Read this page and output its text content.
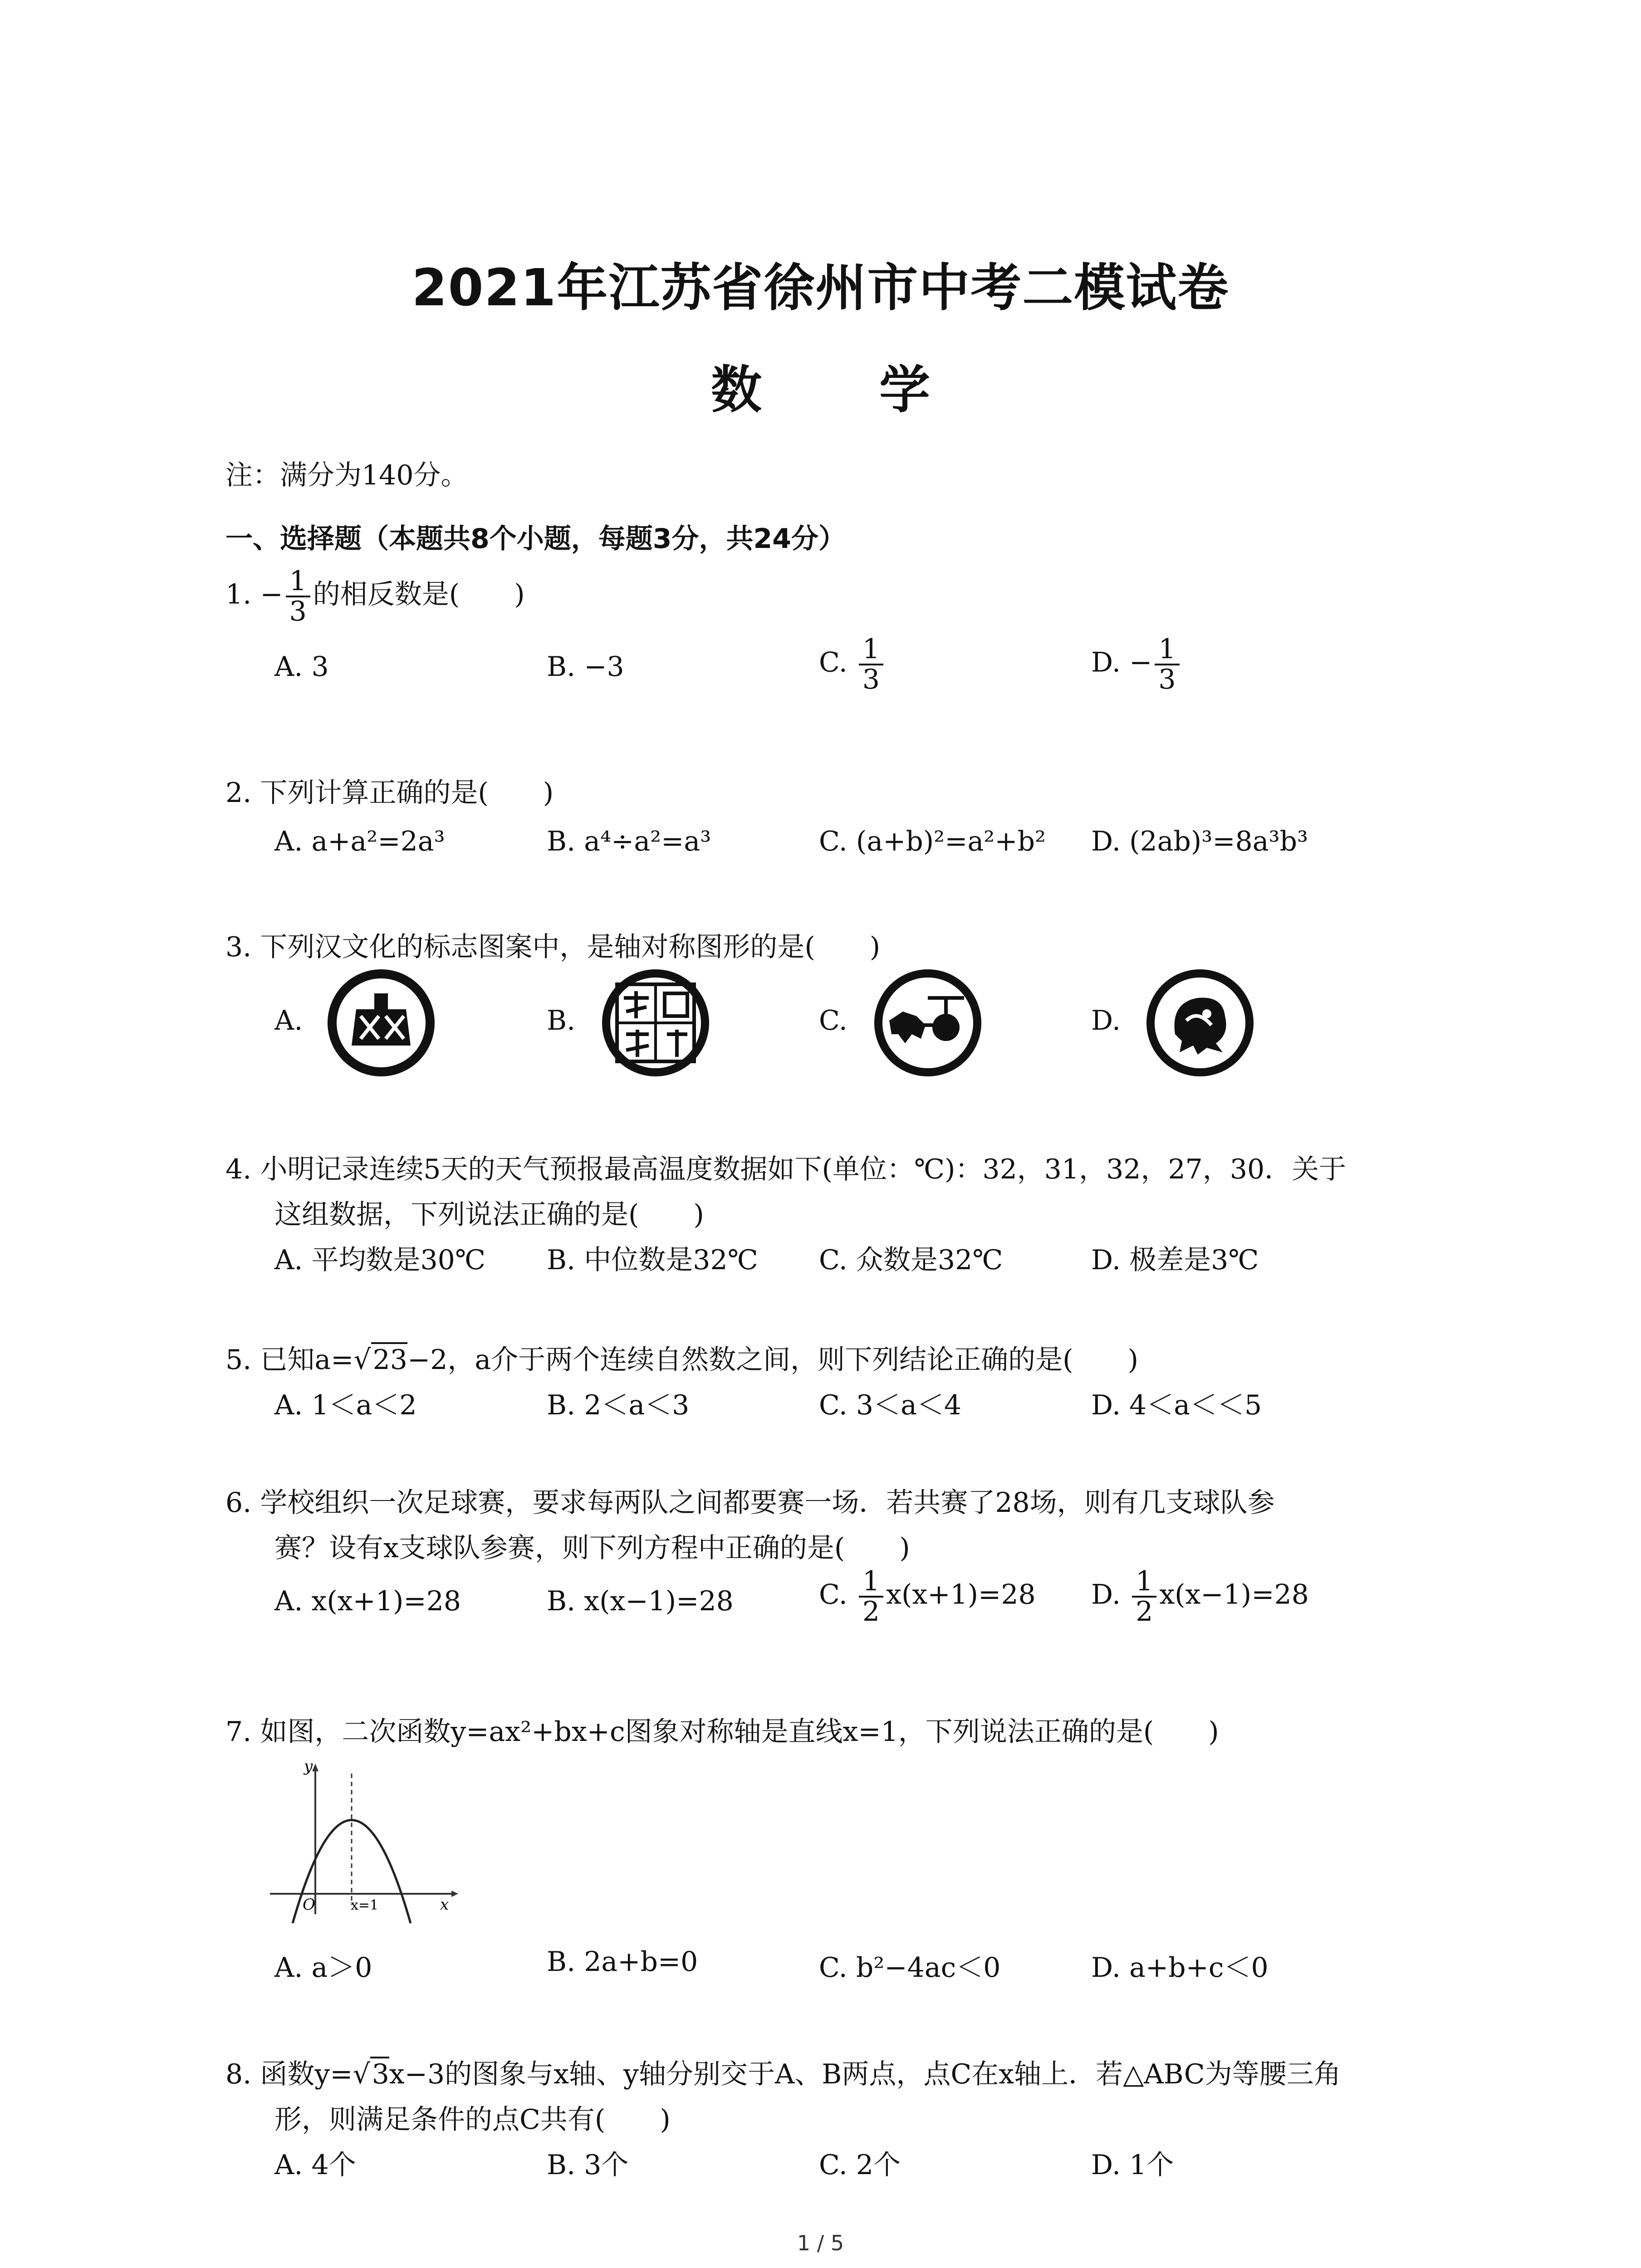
2021年江苏省徐州市中考二模试卷
数 学
注：满分为140分。
一、选择题（本题共8个小题，每题3分，共24分）
1. − $\frac{1}{3}$ 的相反数是(　　)
A. 3	B. −3	C. $\frac{1}{3}$	D. − $\frac{1}{3}$
2. 下列计算正确的是(　　)
A. a+a²=2a³	B. a⁴÷a²=a³	C. (a+b)²=a²+b² D. (2ab)³=8a³b³
3. 下列汉文化的标志图案中，是轴对称图形的是(　　)
A.	B.	C.	D.
4. 小明记录连续5天的天气预报最高温度数据如下(单位：℃)：32，31，32，27，30．关于
这组数据，下列说法正确的是(　　)
A. 平均数是30℃ B. 中位数是32℃ C. 众数是32℃	D. 极差是3℃
5. 已知a=√23−2，a介于两个连续自然数之间，则下列结论正确的是(　　)
A. 1＜a＜2	B. 2＜a＜3	C. 3＜a＜4	D. 4＜a＜＜5
6. 学校组织一次足球赛，要求每两队之间都要赛一场．若共赛了28场，则有几支球队参
赛？设有x支球队参赛，则下列方程中正确的是(　　)
A. x(x+1)=28	B. x(x−1)=28	C. $\frac{1}{2} x(x+1)=28$ D. $\frac{1}{2} x(x-1)=28$
7. 如图，二次函数y=ax²+bx+c图象对称轴是直线x=1，下列说法正确的是(　　)
y
x
O	x=1
A. a＞0	B. 2a+b=0	C. b²−4ac＜0	D. a+b+c＜0
8. 函数y=√3x−3的图象与x轴、y轴分别交于A、B两点，点C在x轴上．若△ABC为等腰三角
形，则满足条件的点C共有(　　)
A. 4个	B. 3个	C. 2个	D. 1个
1 / 5
